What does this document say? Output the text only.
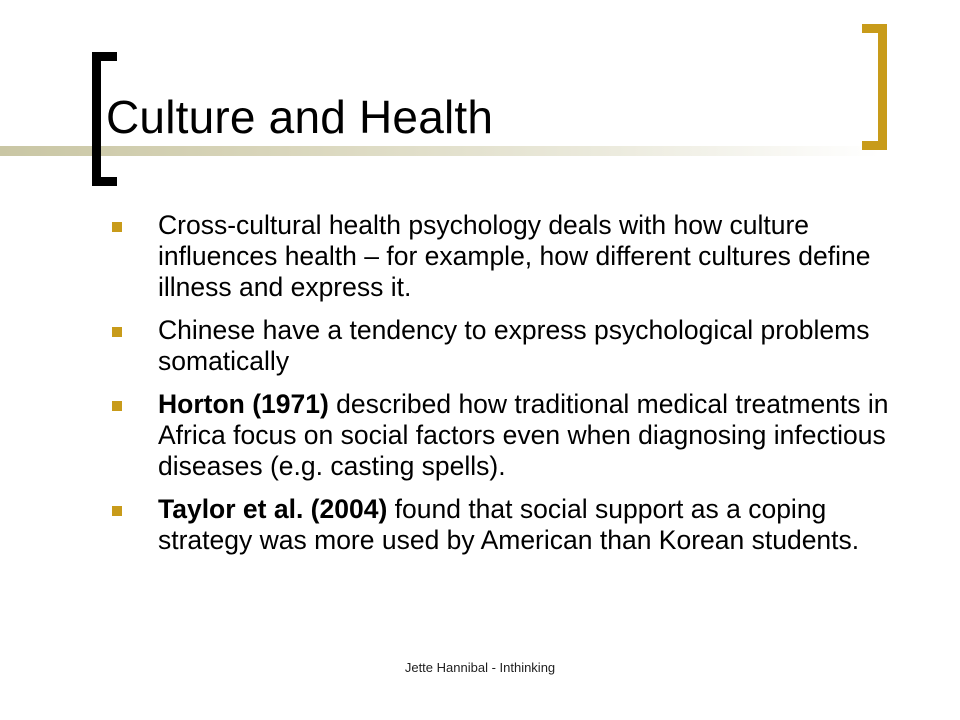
Culture and Health
Cross-cultural health psychology deals with how culture influences health – for example, how different cultures define illness and express it.
Chinese have a tendency to express psychological problems somatically
Horton (1971) described how traditional medical treatments in Africa focus on social factors even when diagnosing infectious diseases (e.g. casting spells).
Taylor et al. (2004) found that social support as a coping strategy was more used by American than Korean students.
Jette Hannibal - Inthinking
